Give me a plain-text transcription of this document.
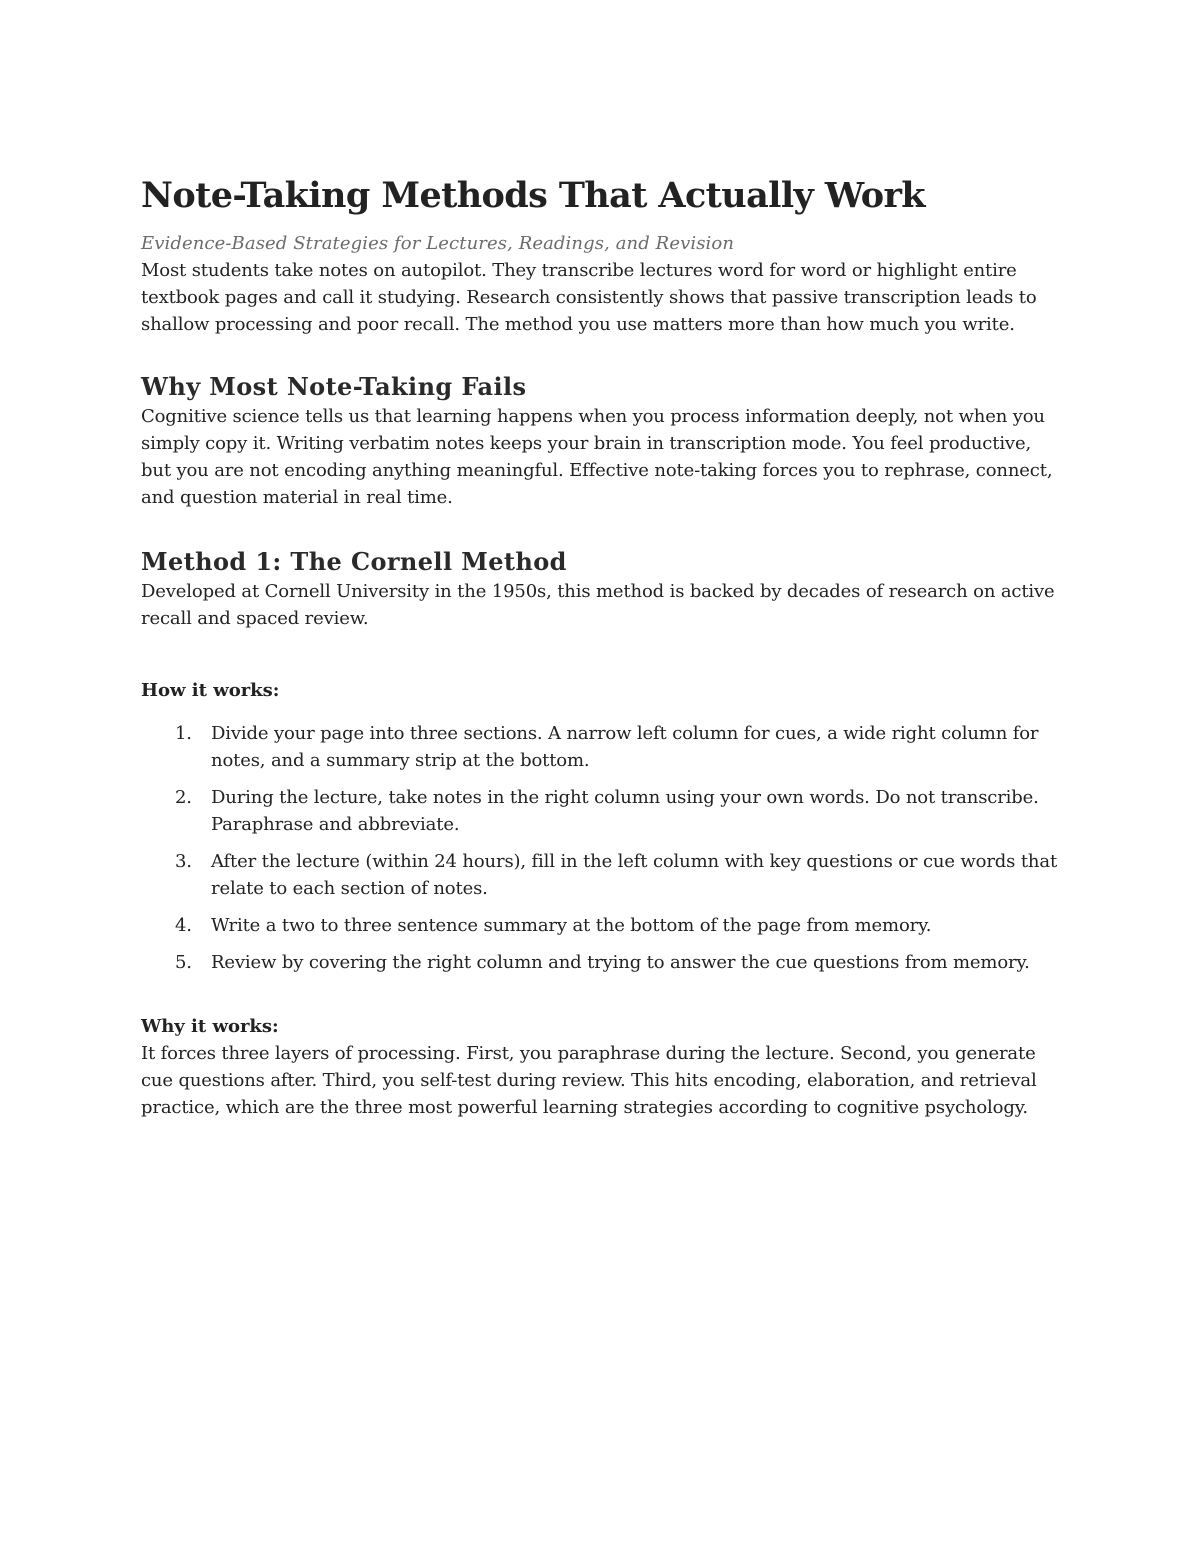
Note-Taking Methods That Actually Work
Evidence-Based Strategies for Lectures, Readings, and Revision

Most students take notes on autopilot. They transcribe lectures word for word or highlight entire textbook pages and call it studying. Research consistently shows that passive transcription leads to shallow processing and poor recall. The method you use matters more than how much you write.

Why Most Note-Taking Fails

Cognitive science tells us that learning happens when you process information deeply, not when you simply copy it. Writing verbatim notes keeps your brain in transcription mode. You feel productive, but you are not encoding anything meaningful. Effective note-taking forces you to rephrase, connect, and question material in real time.

Method 1: The Cornell Method

Developed at Cornell University in the 1950s, this method is backed by decades of research on active recall and spaced review.

How it works:
1. Divide your page into three sections. A narrow left column for cues, a wide right column for notes, and a summary strip at the bottom.
2. During the lecture, take notes in the right column using your own words. Do not transcribe. Paraphrase and abbreviate.
3. After the lecture (within 24 hours), fill in the left column with key questions or cue words that relate to each section of notes.
4. Write a two to three sentence summary at the bottom of the page from memory.
5. Review by covering the right column and trying to answer the cue questions from memory.
Why it works:

It forces three layers of processing. First, you paraphrase during the lecture. Second, you generate cue questions after. Third, you self-test during review. This hits encoding, elaboration, and retrieval practice, which are the three most powerful learning strategies according to cognitive psychology.
